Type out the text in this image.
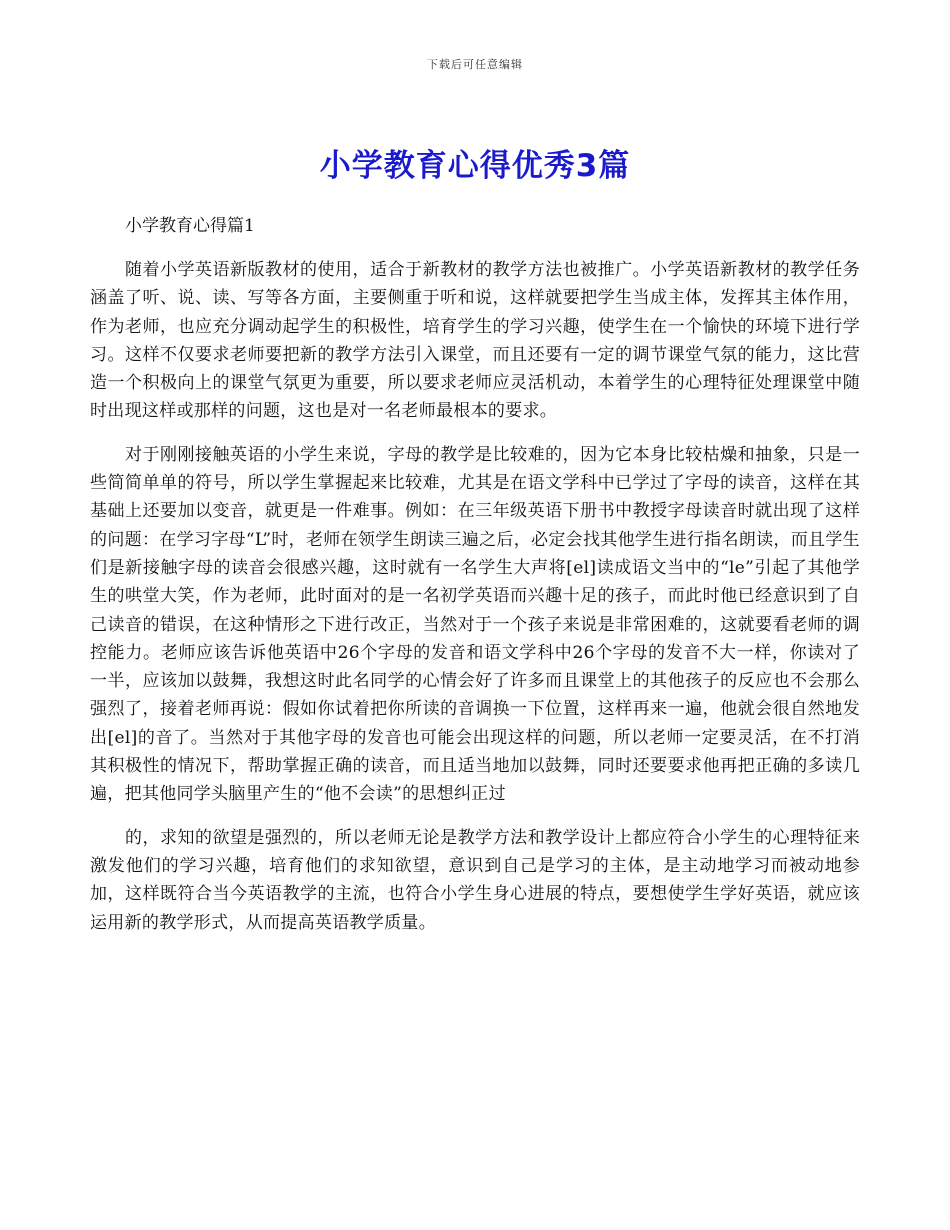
下载后可任意编辑
小学教育心得优秀3篇

小学教育心得篇1

随着小学英语新版教材的使用，适合于新教材的教学方法也被推广。小学英语新教材的教学任务涵盖了听、说、读、写等各方面，主要侧重于听和说，这样就要把学生当成主体，发挥其主体作用，作为老师，也应充分调动起学生的积极性，培育学生的学习兴趣，使学生在一个愉快的环境下进行学习。这样不仅要求老师要把新的教学方法引入课堂，而且还要有一定的调节课堂气氛的能力，这比营造一个积极向上的课堂气氛更为重要，所以要求老师应灵活机动，本着学生的心理特征处理课堂中随时出现这样或那样的问题，这也是对一名老师最根本的要求。

对于刚刚接触英语的小学生来说，字母的教学是比较难的，因为它本身比较枯燥和抽象，只是一些简简单单的符号，所以学生掌握起来比较难，尤其是在语文学科中已学过了字母的读音，这样在其基础上还要加以变音，就更是一件难事。例如：在三年级英语下册书中教授字母读音时就出现了这样的问题：在学习字母“L”时，老师在领学生朗读三遍之后，必定会找其他学生进行指名朗读，而且学生们是新接触字母的读音会很感兴趣，这时就有一名学生大声将[el]读成语文当中的“le”引起了其他学生的哄堂大笑，作为老师，此时面对的是一名初学英语而兴趣十足的孩子，而此时他已经意识到了自己读音的错误，在这种情形之下进行改正，当然对于一个孩子来说是非常困难的，这就要看老师的调控能力。老师应该告诉他英语中26个字母的发音和语文学科中26个字母的发音不大一样，你读对了一半，应该加以鼓舞，我想这时此名同学的心情会好了许多而且课堂上的其他孩子的反应也不会那么强烈了，接着老师再说：假如你试着把你所读的音调换一下位置，这样再来一遍，他就会很自然地发出[el]的音了。当然对于其他字母的发音也可能会出现这样的问题，所以老师一定要灵活，在不打消其积极性的情况下，帮助掌握正确的读音，而且适当地加以鼓舞，同时还要要求他再把正确的多读几遍，把其他同学头脑里产生的“他不会读”的思想纠正过

的，求知的欲望是强烈的，所以老师无论是教学方法和教学设计上都应符合小学生的心理特征来激发他们的学习兴趣，培育他们的求知欲望，意识到自己是学习的主体，是主动地学习而被动地参加，这样既符合当今英语教学的主流，也符合小学生身心进展的特点，要想使学生学好英语，就应该运用新的教学形式，从而提高英语教学质量。
